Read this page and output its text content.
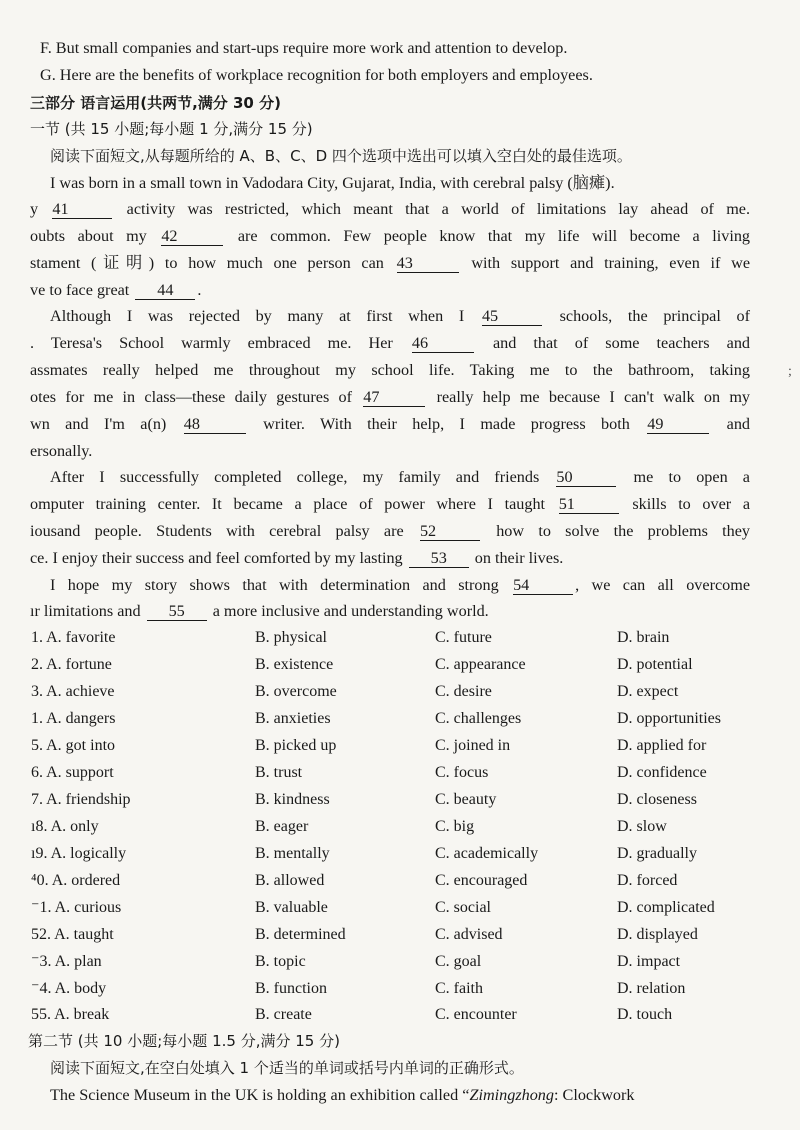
F. But small companies and start-ups require more work and attention to develop.
G. Here are the benefits of workplace recognition for both employers and employees.
三部分 语言运用(共两节,满分 30 分)
一节 (共 15 小题;每小题 1 分,满分 15 分)
阅读下面短文,从每题所给的 A、B、C、D 四个选项中选出可以填入空白处的最佳选项。
I was born in a small town in Vadodara City, Gujarat, India, with cerebral palsy (脑瘫).
y 41	activity was restricted, which meant that a world of limitations lay ahead of me.
oubts about my 42	are common. Few people know that my life will become a living
stament (证明) to how much one person can 43	with support and training, even if we
ve to face great 44 .
Although I was rejected by many at first when I 45	schools, the principal of
. Teresa's School warmly embraced me. Her 46	and that of some teachers and
assmates really helped me throughout my school life. Taking me to the bathroom, taking
otes for me in class—these daily gestures of 47	really help me because I can't walk on my
wn and I'm a(n) 48	writer. With their help, I made progress both 49	and
ersonally.
After I successfully completed college, my family and friends 50	me to open a
omputer training center. It became a place of power where I taught 51	skills to over a
iousand people. Students with cerebral palsy are 52	how to solve the problems they
ce. I enjoy their success and feel comforted by my lasting 53 on their lives.
I hope my story shows that with determination and strong 54	, we can all overcome
ır limitations and 55 a more inclusive and understanding world.
1. A. favorite	B. physical	C. future	D. brain
2. A. fortune	B. existence	C. appearance	D. potential
3. A. achieve	B. overcome	C. desire	D. expect
1. A. dangers	B. anxieties	C. challenges	D. opportunities
5. A. got into	B. picked up	C. joined in	D. applied for
6. A. support	B. trust	C. focus	D. confidence
7. A. friendship	B. kindness	C. beauty	D. closeness
ı8. A. only	B. eager	C. big	D. slow
ı9. A. logically	B. mentally	C. academically	D. gradually
⁴0. A. ordered	B. allowed	C. encouraged	D. forced
⁻1. A. curious	B. valuable	C. social	D. complicated
52. A. taught	B. determined	C. advised	D. displayed
⁻3. A. plan	B. topic	C. goal	D. impact
⁻4. A. body	B. function	C. faith	D. relation
55. A. break	B. create	C. encounter	D. touch
第二节 (共 10 小题;每小题 1.5 分,满分 15 分)
阅读下面短文,在空白处填入 1 个适当的单词或括号内单词的正确形式。
The Science Museum in the UK is holding an exhibition called “Zimingzhong: Clockwork
;
